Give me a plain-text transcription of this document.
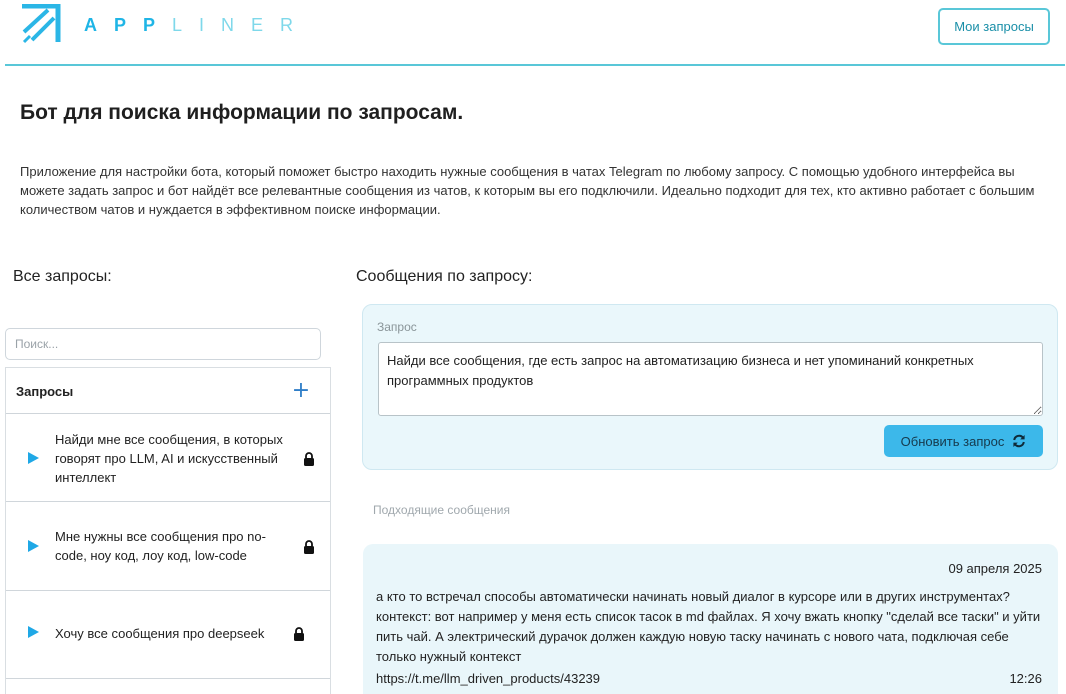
APPLINER	Мои запросы
Бот для поиска информации по запросам.

Приложение для настройки бота, который поможет быстро находить нужные сообщения в чатах Telegram по любому запросу. С помощью удобного интерфейса вы можете задать запрос и бот найдёт все релевантные сообщения из чатов, к которым вы его подключили. Идеально подходит для тех, кто активно работает с большим количеством чатов и нуждается в эффективном поиске информации.

Все запросы:	Сообщения по запросу:
Поиск...
Запросы	+
Найди мне все сообщения, в которых говорят про LLM, AI и искусственный интеллект
Мне нужны все сообщения про no-code, ноу код, лоу код, low-code
Хочу все сообщения про deepseek
Запрос
Найди все сообщения, где есть запрос на автоматизацию бизнеса и нет упоминаний конкретных программных продуктов
Обновить запрос
Подходящие сообщения
09 апреля 2025
а кто то встречал способы автоматически начинать новый диалог в курсоре или в других инструментах? контекст: вот например у меня есть список тасок в md файлах. Я хочу вжать кнопку "сделай все таски" и уйти пить чай. А электрический дурачок должен каждую новую таску начинать с нового чата, подключая себе только нужный контекст
https://t.me/llm_driven_products/43239	12:26
